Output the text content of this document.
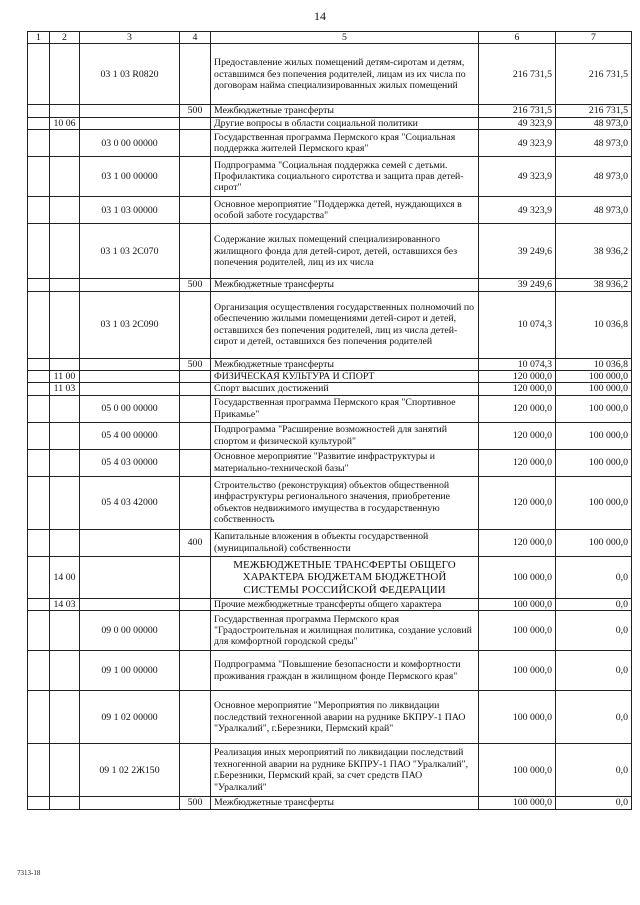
14
1	2	3	4	5	6	7
		03 1 03 R0820		Предоставление жилых помещений детям-сиротам и детям, оставшимся без попечения родителей, лицам из их числа по договорам найма специализированных жилых помещений	216 731,5	216 731,5
			500	Межбюджетные трансферты	216 731,5	216 731,5
	10 06			Другие вопросы в области социальной политики	49 323,9	48 973,0
		03 0 00 00000		Государственная программа Пермского края "Социальная поддержка жителей Пермского края"	49 323,9	48 973,0
		03 1 00 00000		Подпрограмма "Социальная поддержка семей с детьми. Профилактика социального сиротства и защита прав детей-сирот"	49 323,9	48 973,0
		03 1 03 00000		Основное мероприятие "Поддержка детей, нуждающихся в особой заботе государства"	49 323,9	48 973,0
		03 1 03 2С070		Содержание жилых помещений специализированного жилищного фонда для детей-сирот, детей, оставшихся без попечения родителей, лиц из их числа	39 249,6	38 936,2
			500	Межбюджетные трансферты	39 249,6	38 936,2
		03 1 03 2С090		Организация осуществления государственных полномочий по обеспечению жилыми помещениями детей-сирот и детей, оставшихся без попечения родителей, лиц из числа детей-сирот и детей, оставшихся без попечения родителей	10 074,3	10 036,8
			500	Межбюджетные трансферты	10 074,3	10 036,8
	11 00			ФИЗИЧЕСКАЯ КУЛЬТУРА И СПОРТ	120 000,0	100 000,0
	11 03			Спорт высших достижений	120 000,0	100 000,0
		05 0 00 00000		Государственная программа Пермского края "Спортивное Прикамье"	120 000,0	100 000,0
		05 4 00 00000		Подпрограмма "Расширение возможностей для занятий спортом и физической культурой"	120 000,0	100 000,0
		05 4 03 00000		Основное мероприятие "Развитие инфраструктуры и материально-технической базы"	120 000,0	100 000,0
		05 4 03 42000		Строительство (реконструкция) объектов общественной инфраструктуры регионального значения, приобретение объектов недвижимого имущества в государственную собственность	120 000,0	100 000,0
			400	Капитальные вложения в объекты государственной (муниципальной) собственности	120 000,0	100 000,0
	14 00			МЕЖБЮДЖЕТНЫЕ ТРАНСФЕРТЫ ОБЩЕГО ХАРАКТЕРА БЮДЖЕТАМ БЮДЖЕТНОЙ СИСТЕМЫ РОССИЙСКОЙ ФЕДЕРАЦИИ	100 000,0	0,0
	14 03			Прочие межбюджетные трансферты общего характера	100 000,0	0,0
		09 0 00 00000		Государственная программа Пермского края "Градостроительная и жилищная политика, создание условий для комфортной городской среды"	100 000,0	0,0
		09 1 00 00000		Подпрограмма "Повышение безопасности и комфортности проживания граждан в жилищном фонде Пермского края"	100 000,0	0,0
		09 1 02 00000		Основное мероприятие "Мероприятия по ликвидации последствий техногенной аварии на руднике БКПРУ-1 ПАО "Уралкалий", г.Березники, Пермский край"	100 000,0	0,0
		09 1 02 2Ж150		Реализация иных мероприятий по ликвидации последствий техногенной аварии на руднике БКПРУ-1 ПАО "Уралкалий", г.Березники, Пермский край, за счет средств ПАО "Уралкалий"	100 000,0	0,0
			500	Межбюджетные трансферты	100 000,0	0,0
7313-18
